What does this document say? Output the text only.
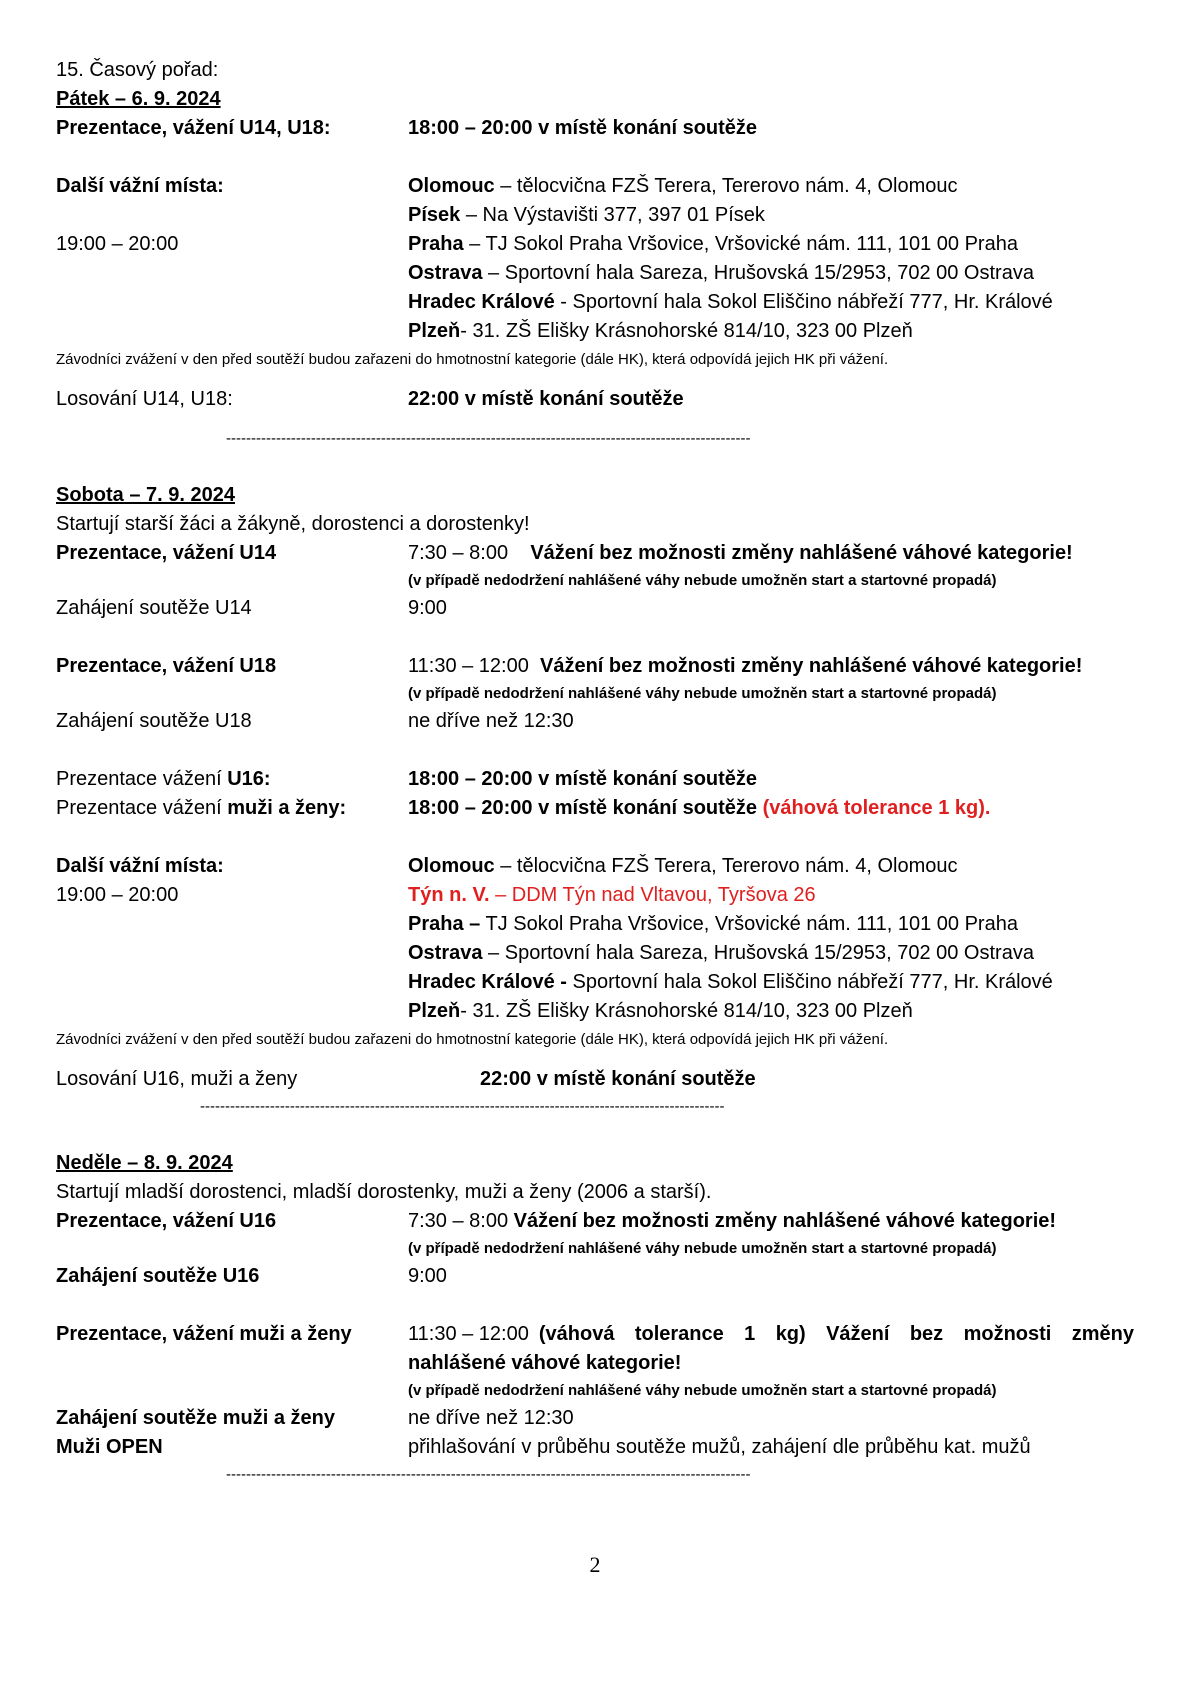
15. Časový pořad:
Pátek – 6. 9. 2024
Prezentace, vážení U14, U18:	18:00 – 20:00 v místě konání soutěže
Další vážní místa:	Olomouc – tělocvična FZŠ Terera, Tererovo nám. 4, Olomouc
Písek – Na Výstavišti 377, 397 01 Písek
19:00 – 20:00	Praha – TJ Sokol Praha Vršovice, Vršovické nám. 111, 101 00 Praha
Ostrava – Sportovní hala Sareza, Hrušovská 15/2953, 702 00 Ostrava
Hradec Králové - Sportovní hala Sokol Eliščino nábřeží 777, Hr. Králové
Plzeň- 31. ZŠ Elišky Krásnohorské 814/10, 323 00 Plzeň
Závodníci zvážení v den před soutěží budou zařazeni do hmotnostní kategorie (dále HK), která odpovídá jejich HK při vážení.
Losování U14, U18:	22:00 v místě konání soutěže
---------------------------------------------------------------------------------------------------------
Sobota – 7. 9. 2024
Startují starší žáci a žákyně, dorostenci a dorostenky!
Prezentace, vážení U14	7:30 – 8:00 Vážení bez možnosti změny nahlášené váhové kategorie!
(v případě nedodržení nahlášené váhy nebude umožněn start a startovné propadá)
Zahájení soutěže U14	9:00
Prezentace, vážení U18	11:30 – 12:00 Vážení bez možnosti změny nahlášené váhové kategorie!
(v případě nedodržení nahlášené váhy nebude umožněn start a startovné propadá)
Zahájení soutěže U18	ne dříve než 12:30
Prezentace vážení U16:	18:00 – 20:00 v místě konání soutěže
Prezentace vážení muži a ženy:	18:00 – 20:00 v místě konání soutěže (váhová tolerance 1 kg).
Další vážní místa:	Olomouc – tělocvična FZŠ Terera, Tererovo nám. 4, Olomouc
19:00 – 20:00	Týn n. V. – DDM Týn nad Vltavou, Tyršova 26
Praha – TJ Sokol Praha Vršovice, Vršovické nám. 111, 101 00 Praha
Ostrava – Sportovní hala Sareza, Hrušovská 15/2953, 702 00 Ostrava
Hradec Králové - Sportovní hala Sokol Eliščino nábřeží 777, Hr. Králové
Plzeň- 31. ZŠ Elišky Krásnohorské 814/10, 323 00 Plzeň
Závodníci zvážení v den před soutěží budou zařazeni do hmotnostní kategorie (dále HK), která odpovídá jejich HK při vážení.
Losování U16, muži a ženy	22:00 v místě konání soutěže
---------------------------------------------------------------------------------------------------------
Neděle – 8. 9. 2024
Startují mladší dorostenci, mladší dorostenky, muži a ženy (2006 a starší).
Prezentace, vážení U16	7:30 – 8:00 Vážení bez možnosti změny nahlášené váhové kategorie!
(v případě nedodržení nahlášené váhy nebude umožněn start a startovné propadá)
Zahájení soutěže U16	9:00
Prezentace, vážení muži a ženy	11:30 – 12:00 (váhová tolerance 1 kg) Vážení bez možnosti změny
nahlášené váhové kategorie!
(v případě nedodržení nahlášené váhy nebude umožněn start a startovné propadá)
Zahájení soutěže muži a ženy	ne dříve než 12:30
Muži OPEN	přihlašování v průběhu soutěže mužů, zahájení dle průběhu kat. mužů
---------------------------------------------------------------------------------------------------------
2
